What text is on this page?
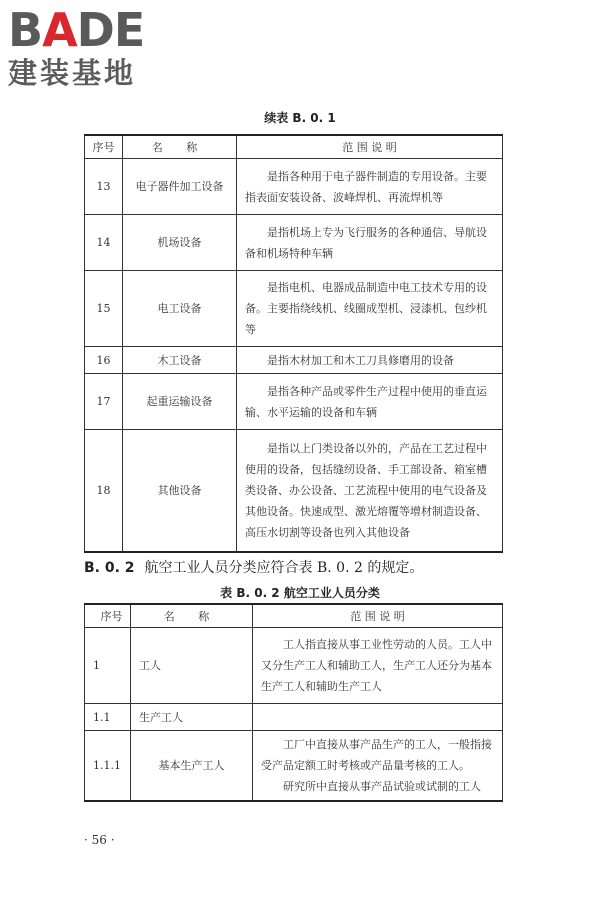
BADE
建装基地
续表 B. 0. 1
序号	名 称	范 围 说 明
13	电子器件加工设备	是指各种用于电子器件制造的专用设备。主要指表面安装设备、波峰焊机、再流焊机等
14	机场设备	是指机场上专为飞行服务的各种通信、导航设备和机场特种车辆
15	电工设备	是指电机、电器成品制造中电工技术专用的设备。主要指绕线机、线圈成型机、浸漆机、包纱机等
16	木工设备	是指木材加工和木工刀具修磨用的设备
17	起重运输设备	是指各种产品或零件生产过程中使用的垂直运输、水平运输的设备和车辆
18	其他设备	是指以上门类设备以外的，产品在工艺过程中使用的设备，包括缝纫设备、手工部设备、箱室槽类设备、办公设备、工艺流程中使用的电气设备及其他设备。快速成型、激光熔覆等增材制造设备、高压水切割等设备也列入其他设备
B. 0. 2 航空工业人员分类应符合表 B. 0. 2 的规定。
表 B. 0. 2 航空工业人员分类
序号	名 称	范 围 说 明
1	工人	工人指直接从事工业性劳动的人员。工人中又分生产工人和辅助工人，生产工人还分为基本生产工人和辅助生产工人
1.1	生产工人	
1.1.1	基本生产工人	工厂中直接从事产品生产的工人，一般指接受产品定额工时考核或产品量考核的工人。
研究所中直接从事产品试验或试制的工人
· 56 ·
